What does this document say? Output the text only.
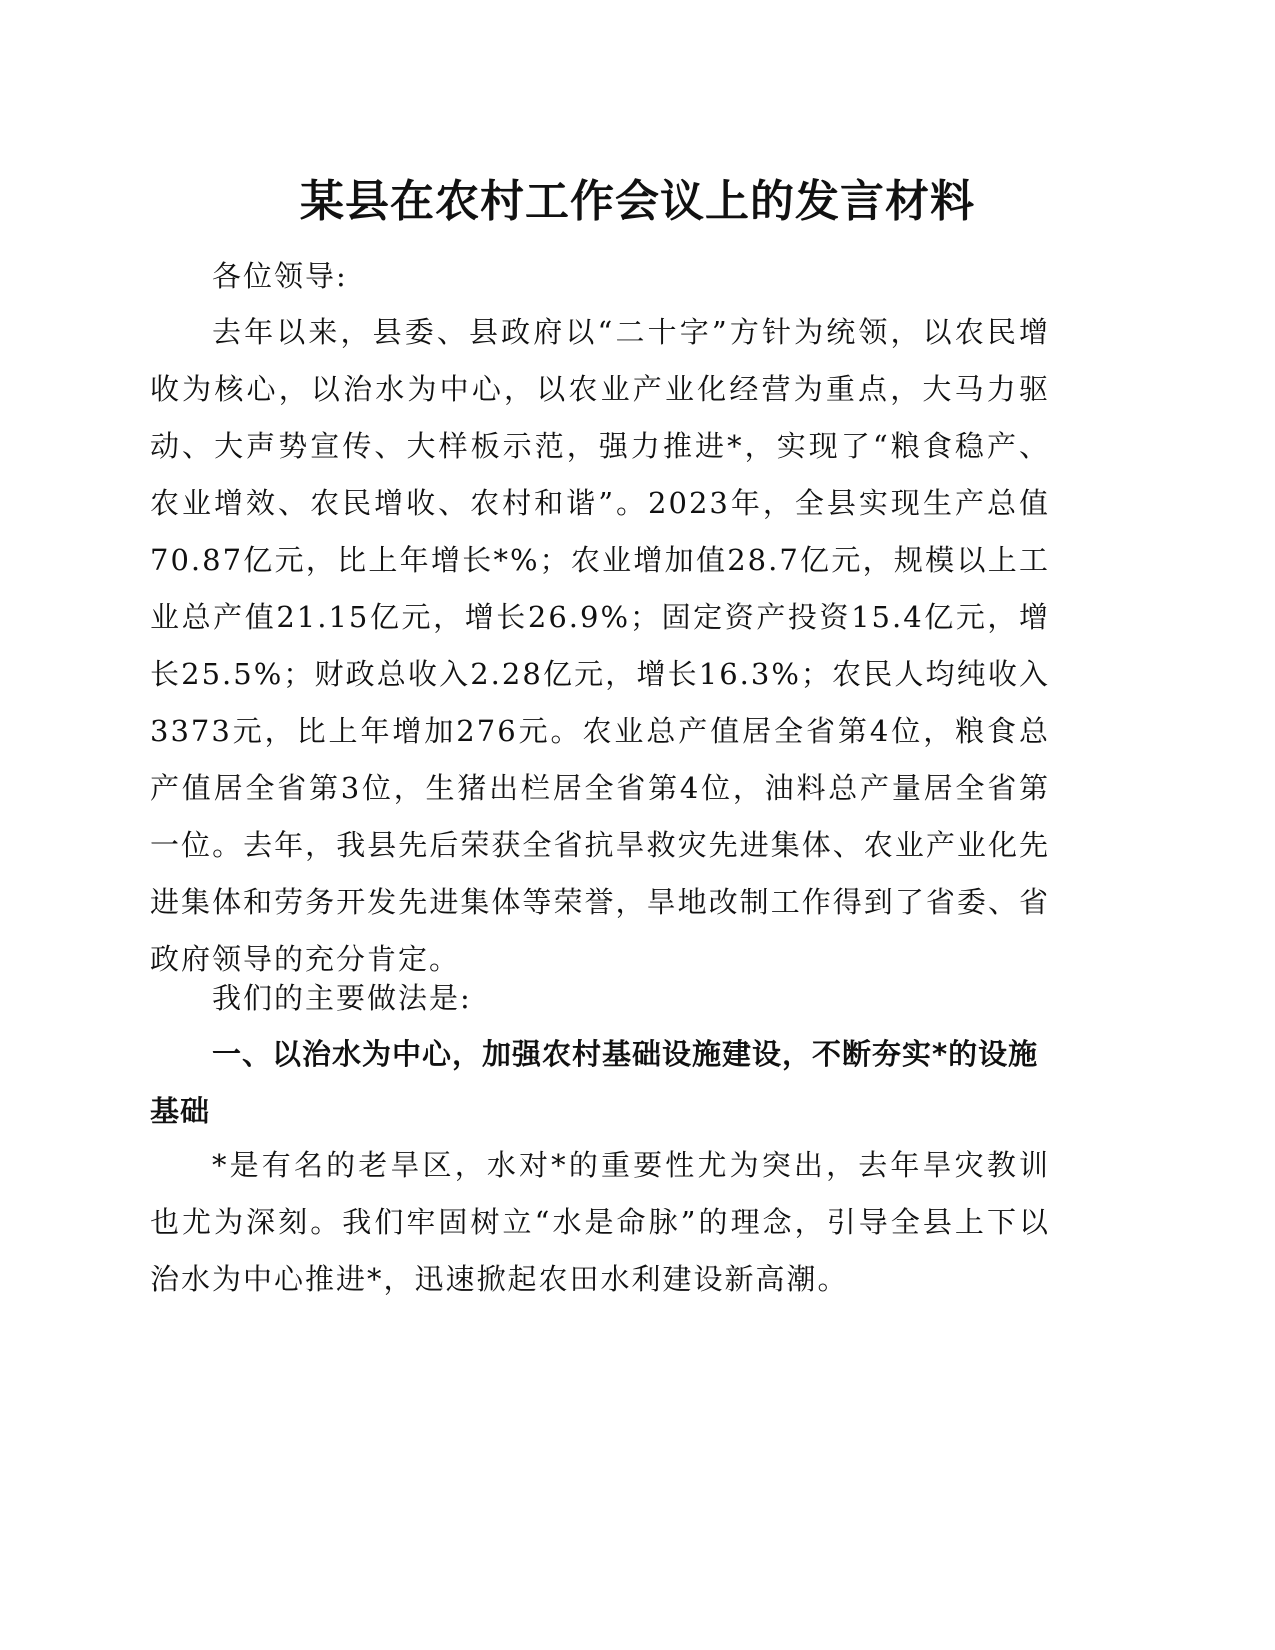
某县在农村工作会议上的发言材料

各位领导:

去年以来，县委、县政府以“二十字”方针为统领，以农民增收为核心，以治水为中心，以农业产业化经营为重点，大马力驱动、大声势宣传、大样板示范，强力推进*，实现了“粮食稳产、农业增效、农民增收、农村和谐”。2023年，全县实现生产总值70.87亿元，比上年增长*%；农业增加值28.7亿元，规模以上工业总产值21.15亿元，增长26.9%；固定资产投资15.4亿元，增长25.5%；财政总收入2.28亿元，增长16.3%；农民人均纯收入3373元，比上年增加276元。农业总产值居全省第4位，粮食总产值居全省第3位，生猪出栏居全省第4位，油料总产量居全省第一位。去年，我县先后荣获全省抗旱救灾先进集体、农业产业化先进集体和劳务开发先进集体等荣誉，旱地改制工作得到了省委、省政府领导的充分肯定。

我们的主要做法是:

一、以治水为中心，加强农村基础设施建设，不断夯实*的设施基础

*是有名的老旱区，水对*的重要性尤为突出，去年旱灾教训也尤为深刻。我们牢固树立“水是命脉”的理念，引导全县上下以治水为中心推进*，迅速掀起农田水利建设新高潮。
